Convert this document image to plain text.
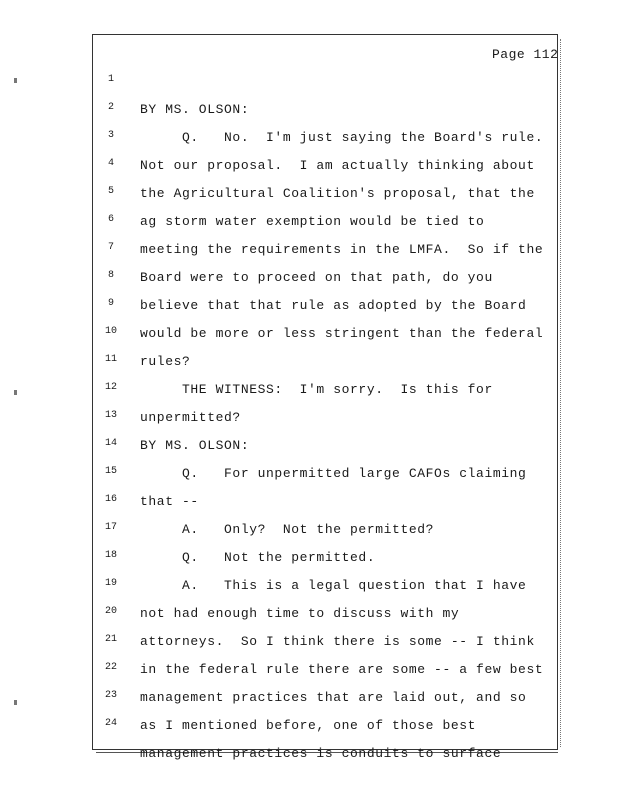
Page 112

1

BY MS. OLSON:

2

Q.   No.  I'm just saying the Board's rule.

3

Not our proposal.  I am actually thinking about

4

the Agricultural Coalition's proposal, that the

5

ag storm water exemption would be tied to

6

meeting the requirements in the LMFA.  So if the

7

Board were to proceed on that path, do you

8

believe that that rule as adopted by the Board

9

would be more or less stringent than the federal

10

rules?

11

THE WITNESS:  I'm sorry.  Is this for

12

unpermitted?

13

BY MS. OLSON:

14

Q.   For unpermitted large CAFOs claiming

15

that --

16

A.   Only?  Not the permitted?

17

Q.   Not the permitted.

18

A.   This is a legal question that I have

19

not had enough time to discuss with my

20

attorneys.  So I think there is some -- I think

21

in the federal rule there are some -- a few best

22

management practices that are laid out, and so

23

as I mentioned before, one of those best

24

management practices is conduits to surface
